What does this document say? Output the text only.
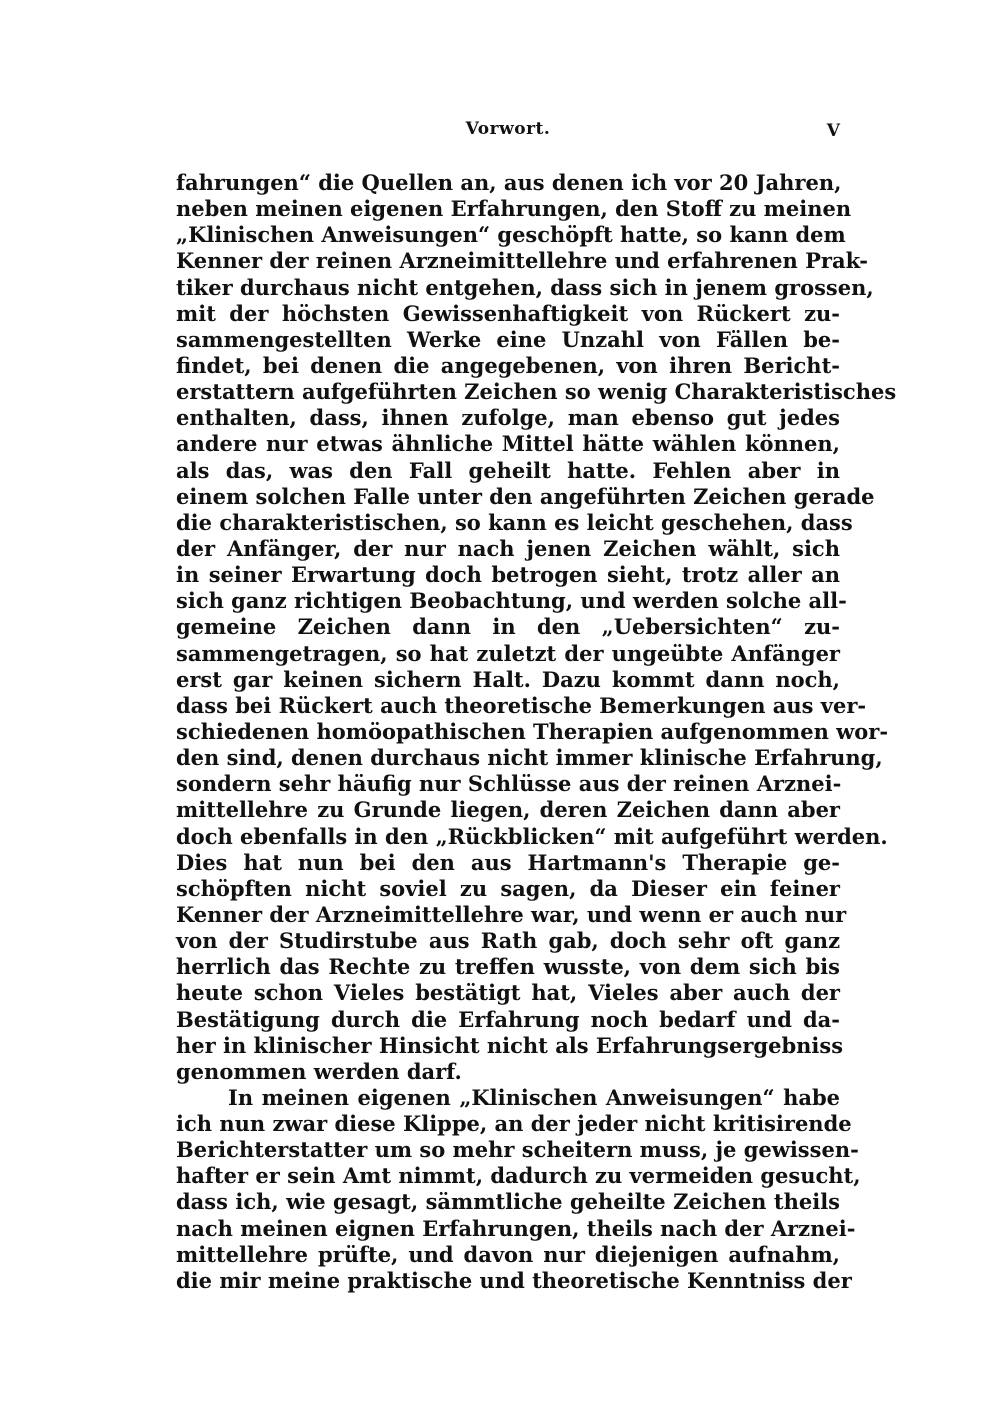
Vorwort.	V
fahrungen“ die Quellen an, aus denen ich vor 20 Jahren,
neben meinen eigenen Erfahrungen, den Stoff zu meinen
„Klinischen Anweisungen“ geschöpft hatte, so kann dem
Kenner der reinen Arzneimittellehre und erfahrenen Prak-
tiker durchaus nicht entgehen, dass sich in jenem grossen,
mit der höchsten Gewissenhaftigkeit von Rückert zu-
sammengestellten Werke eine Unzahl von Fällen be-
findet, bei denen die angegebenen, von ihren Bericht-
erstattern aufgeführten Zeichen so wenig Charakteristisches
enthalten, dass, ihnen zufolge, man ebenso gut jedes
andere nur etwas ähnliche Mittel hätte wählen können,
als das, was den Fall geheilt hatte. Fehlen aber in
einem solchen Falle unter den angeführten Zeichen gerade
die charakteristischen, so kann es leicht geschehen, dass
der Anfänger, der nur nach jenen Zeichen wählt, sich
in seiner Erwartung doch betrogen sieht, trotz aller an
sich ganz richtigen Beobachtung, und werden solche all-
gemeine Zeichen dann in den „Uebersichten“ zu-
sammengetragen, so hat zuletzt der ungeübte Anfänger
erst gar keinen sichern Halt. Dazu kommt dann noch,
dass bei Rückert auch theoretische Bemerkungen aus ver-
schiedenen homöopathischen Therapien aufgenommen wor-
den sind, denen durchaus nicht immer klinische Erfahrung,
sondern sehr häufig nur Schlüsse aus der reinen Arznei-
mittellehre zu Grunde liegen, deren Zeichen dann aber
doch ebenfalls in den „Rückblicken“ mit aufgeführt werden.
Dies hat nun bei den aus Hartmann's Therapie ge-
schöpften nicht soviel zu sagen, da Dieser ein feiner
Kenner der Arzneimittellehre war, und wenn er auch nur
von der Studirstube aus Rath gab, doch sehr oft ganz
herrlich das Rechte zu treffen wusste, von dem sich bis
heute schon Vieles bestätigt hat, Vieles aber auch der
Bestätigung durch die Erfahrung noch bedarf und da-
her in klinischer Hinsicht nicht als Erfahrungsergebniss
genommen werden darf.
In meinen eigenen „Klinischen Anweisungen“ habe
ich nun zwar diese Klippe, an der jeder nicht kritisirende
Berichterstatter um so mehr scheitern muss, je gewissen-
hafter er sein Amt nimmt, dadurch zu vermeiden gesucht,
dass ich, wie gesagt, sämmtliche geheilte Zeichen theils
nach meinen eignen Erfahrungen, theils nach der Arznei-
mittellehre prüfte, und davon nur diejenigen aufnahm,
die mir meine praktische und theoretische Kenntniss der
